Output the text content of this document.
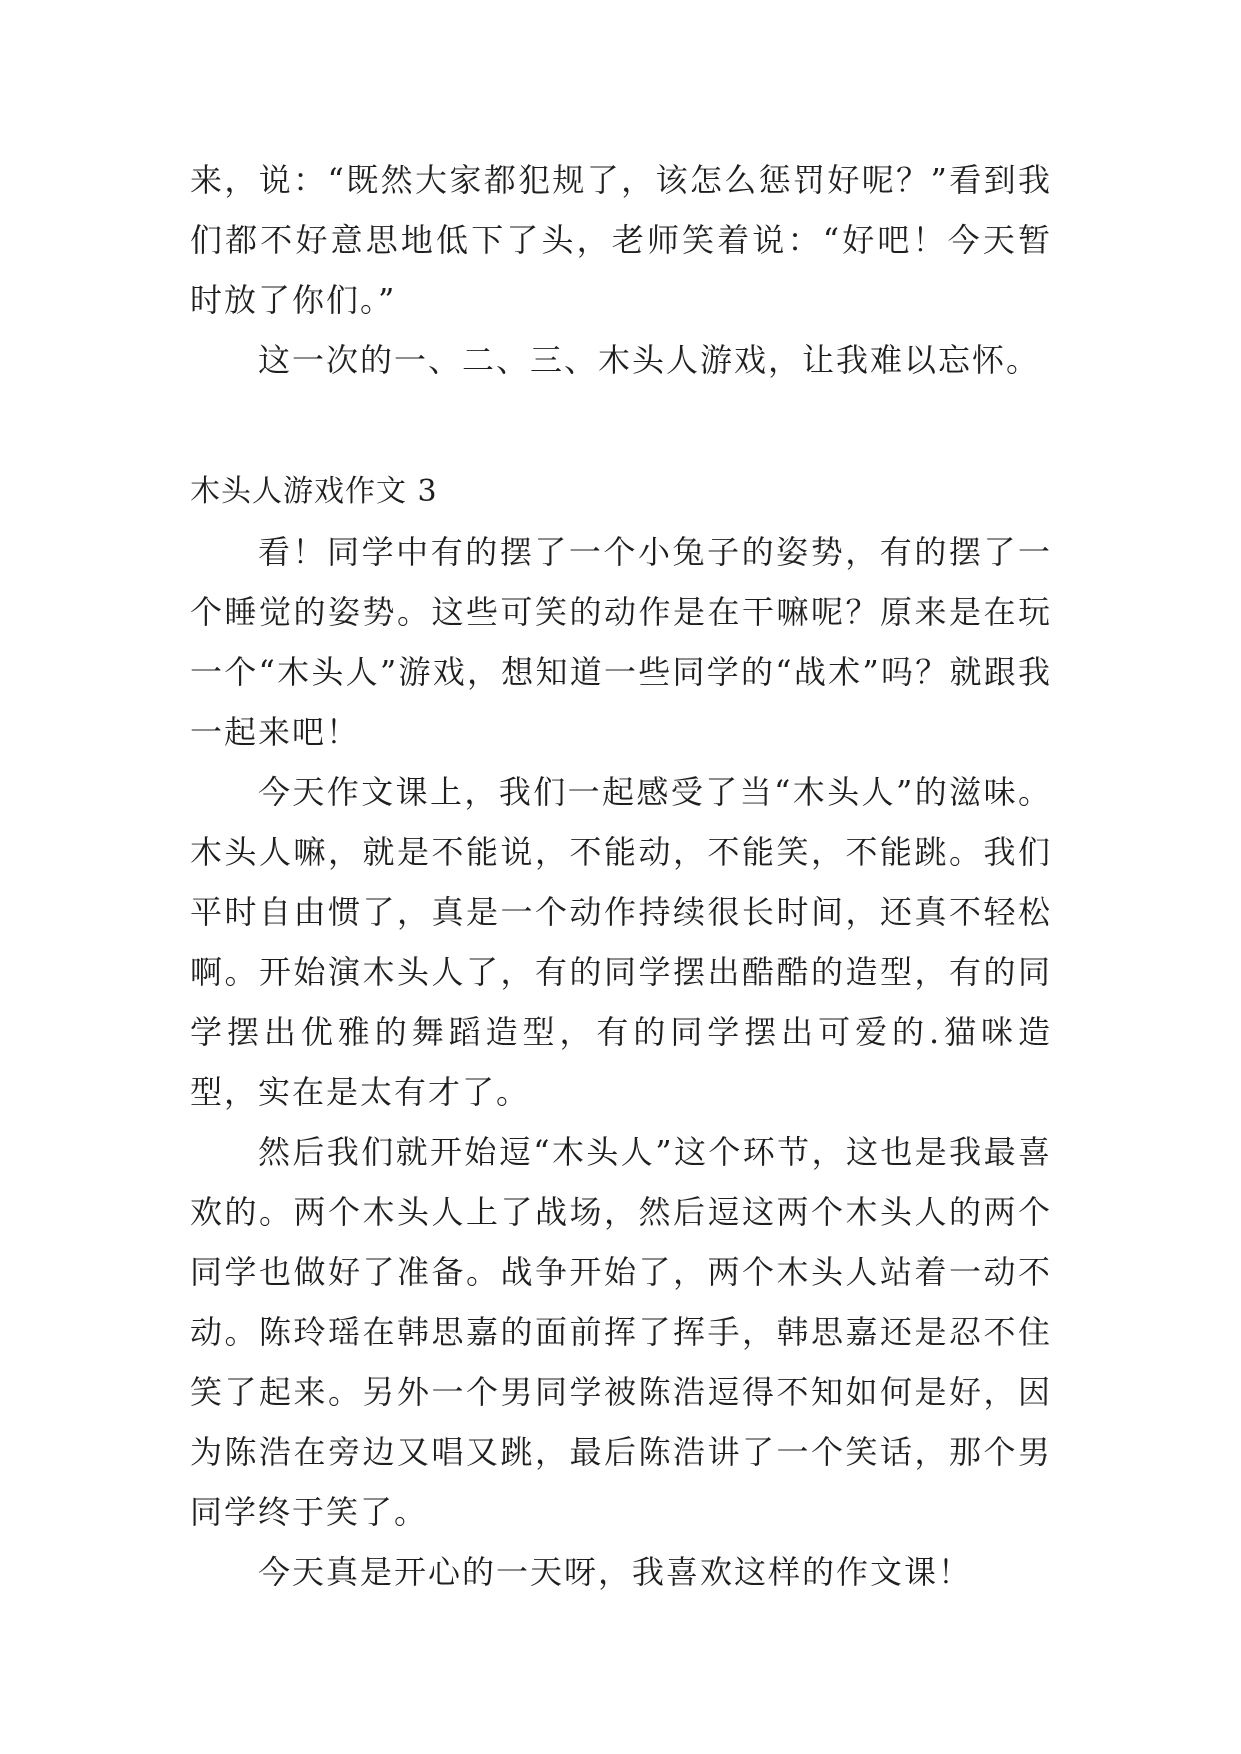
来，说：“既然大家都犯规了，该怎么惩罚好呢？”看到我们都不好意思地低下了头，老师笑着说：“好吧！今天暂时放了你们。”

这一次的一、二、三、木头人游戏，让我难以忘怀。

木头人游戏作文 3

看！同学中有的摆了一个小兔子的姿势，有的摆了一个睡觉的姿势。这些可笑的动作是在干嘛呢？原来是在玩一个“木头人”游戏，想知道一些同学的“战术”吗？就跟我一起来吧！

今天作文课上，我们一起感受了当“木头人”的滋味。木头人嘛，就是不能说，不能动，不能笑，不能跳。我们平时自由惯了，真是一个动作持续很长时间，还真不轻松啊。开始演木头人了，有的同学摆出酷酷的造型，有的同学摆出优雅的舞蹈造型，有的同学摆出可爱的.猫咪造型，实在是太有才了。

然后我们就开始逗“木头人”这个环节，这也是我最喜欢的。两个木头人上了战场，然后逗这两个木头人的两个同学也做好了准备。战争开始了，两个木头人站着一动不动。陈玲瑶在韩思嘉的面前挥了挥手，韩思嘉还是忍不住笑了起来。另外一个男同学被陈浩逗得不知如何是好，因为陈浩在旁边又唱又跳，最后陈浩讲了一个笑话，那个男同学终于笑了。

今天真是开心的一天呀，我喜欢这样的作文课！
